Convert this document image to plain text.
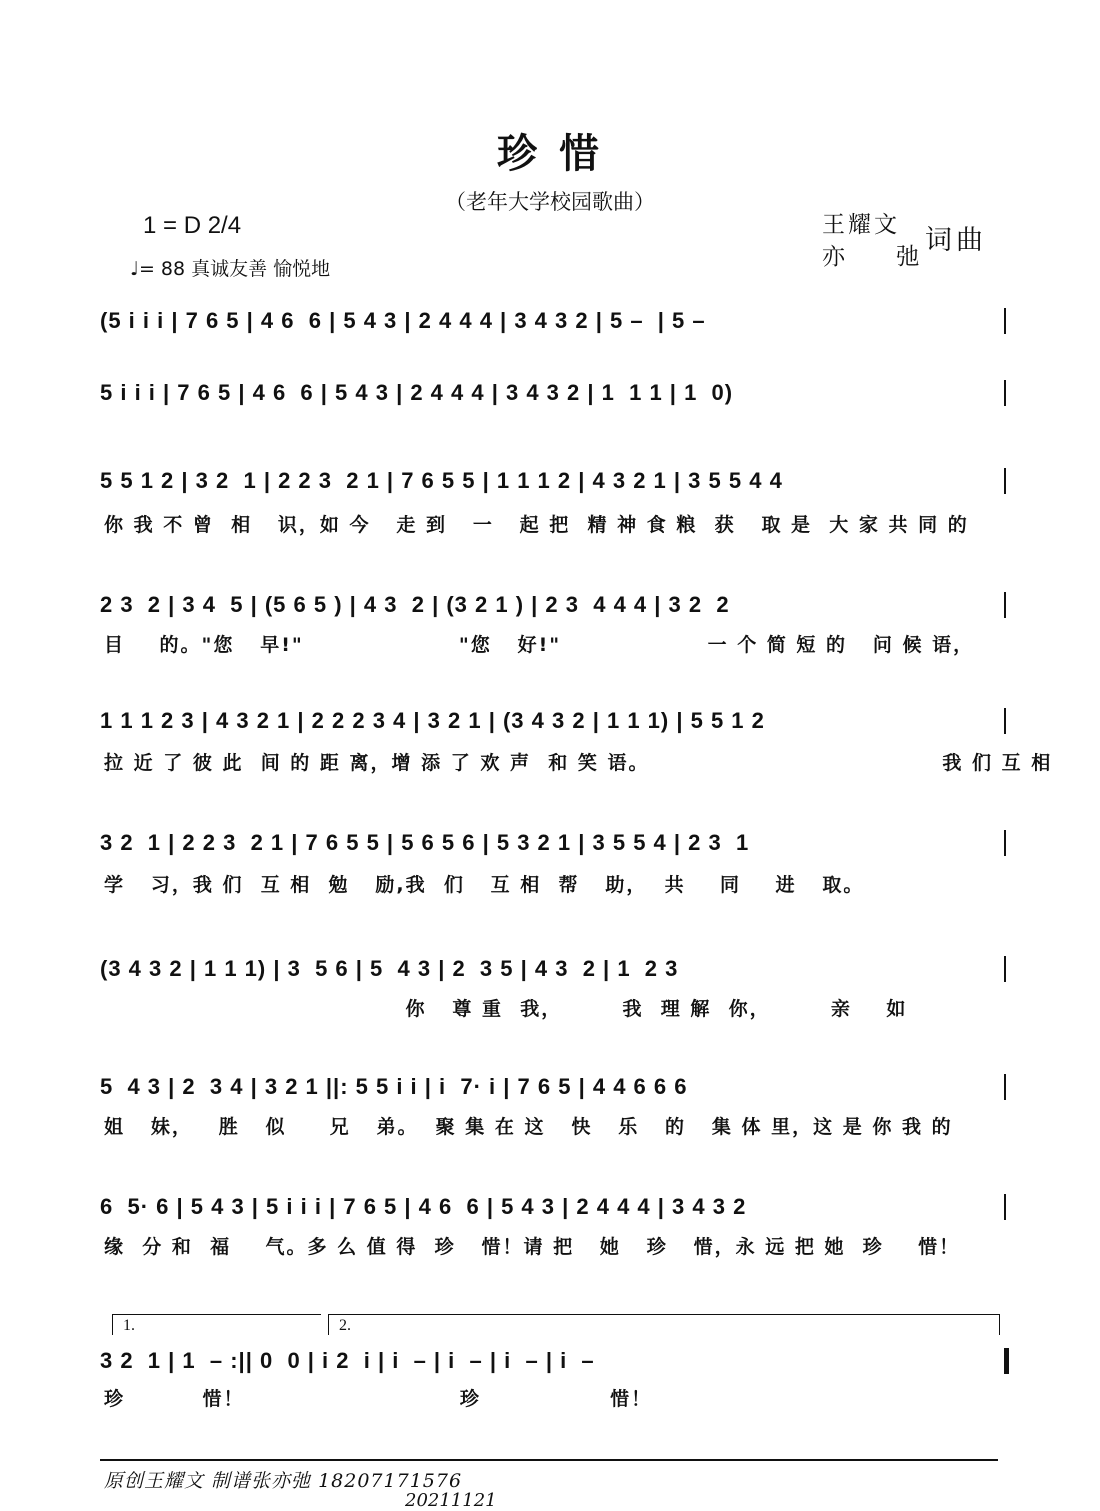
珍 惜
（老年大学校园歌曲）
1 = D 2/4
♩= 88 真诚友善 愉悦地
王耀文
亦 弛
词曲
(5 i i i | 7 6 5 | 4 6  6 | 5 4 3 | 2 4 4 4 | 3 4 3 2 | 5 –  | 5 –
5 i i i | 7 6 5 | 4 6  6 | 5 4 3 | 2 4 4 4 | 3 4 3 2 | 1  1 1 | 1  0)
5 5 1 2 | 3 2  1 | 2 2 3  2 1 | 7 6 5 5 | 1 1 1 2 | 4 3 2 1 | 3 5 5 4 4
你 我 不 曾  相   识，如 今   走 到   一   起 把  精 神 食 粮  获   取 是  大 家 共 同 的
2 3  2 | 3 4  5 | (5 6 5 ) | 4 3  2 | (3 2 1 ) | 2 3  4 4 4 | 3 2  2
目    的。"您   早!"                  "您   好!"                 一 个 简 短 的   问 候 语，
1 1 1 2 3 | 4 3 2 1 | 2 2 2 3 4 | 3 2 1 | (3 4 3 2 | 1 1 1) | 5 5 1 2
拉 近 了 彼 此  间 的 距 离，增 添 了 欢 声  和 笑 语。                                  我 们 互 相
3 2  1 | 2 2 3  2 1 | 7 6 5 5 | 5 6 5 6 | 5 3 2 1 | 3 5 5 4 | 2 3  1
学   习，我 们  互 相  勉   励,我  们   互 相  帮   助，  共    同    进   取。
(3 4 3 2 | 1 1 1) | 3  5 6 | 5  4 3 | 2  3 5 | 4 3  2 | 1  2 3
你   尊 重  我，       我  理 解  你，       亲    如
5  4 3 | 2  3 4 | 3 2 1 ||: 5 5 i i | i  7· i | 7 6 5 | 4 4 6 6 6
姐   妹，   胜   似     兄   弟。  聚 集 在 这   快   乐   的   集 体 里，这 是 你 我 的
6  5· 6 | 5 4 3 | 5 i i i | 7 6 5 | 4 6  6 | 5 4 3 | 2 4 4 4 | 3 4 3 2
缘  分 和  福    气。多 么 值 得  珍   惜！请 把   她   珍   惜，永 远 把 她  珍    惜！
1.	2.
3 2  1 | 1  – :|| 0  0 | i 2  i | i  – | i  – | i  – | i  –
珍         惜！                         珍               惜！
原创王耀文 制谱张亦弛 18207171576
20211121
